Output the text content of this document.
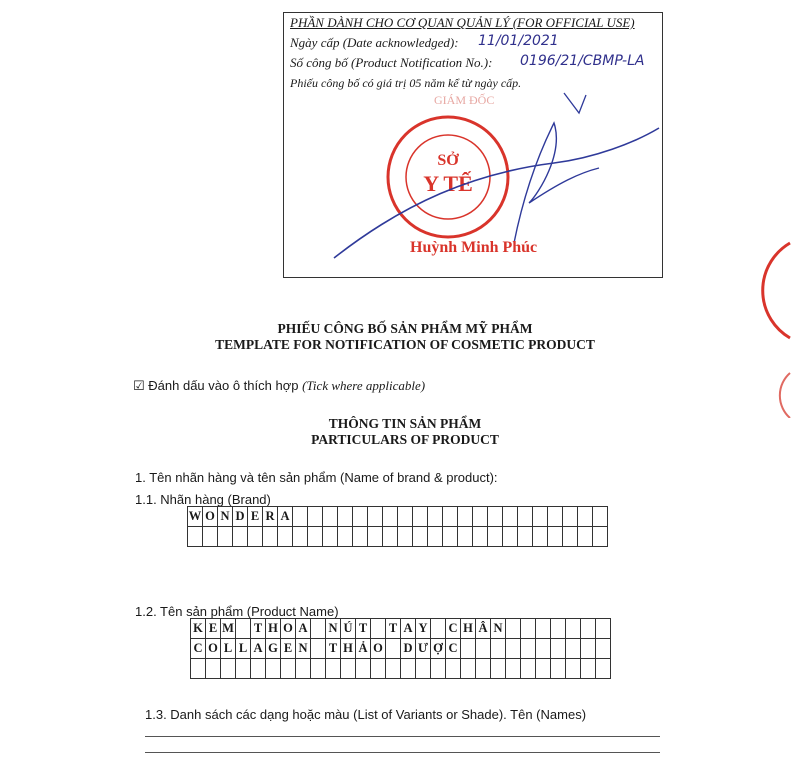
PHẦN DÀNH CHO CƠ QUAN QUẢN LÝ (FOR OFFICIAL USE)
Ngày cấp (Date acknowledged): 11/01/2021
Số công bố (Product Notification No.): 0196/21/CBMP-LA
Phiếu công bố có giá trị 05 năm kể từ ngày cấp.
GIÁM ĐỐC
SỞ
Y TẾ
Huỳnh Minh Phúc
PHIẾU CÔNG BỐ SẢN PHẨM MỸ PHẨM
TEMPLATE FOR NOTIFICATION OF COSMETIC PRODUCT
☑ Đánh dấu vào ô thích hợp (Tick where applicable)
THÔNG TIN SẢN PHẨM
PARTICULARS OF PRODUCT
1. Tên nhãn hàng và tên sản phẩm (Name of brand & product):
1.1. Nhãn hàng (Brand)
W	O	N	D	E	R	A																					

1.2. Tên sản phẩm (Product Name)
K	E	M		T	H	O	A		N	Ú	T		T	A	Y		C	H	Â	N							
C	O	L	L	A	G	E	N		T	H	Ả	O		D	Ư	Ợ	C										

1.3. Danh sách các dạng hoặc màu (List of Variants or Shade). Tên (Names)
